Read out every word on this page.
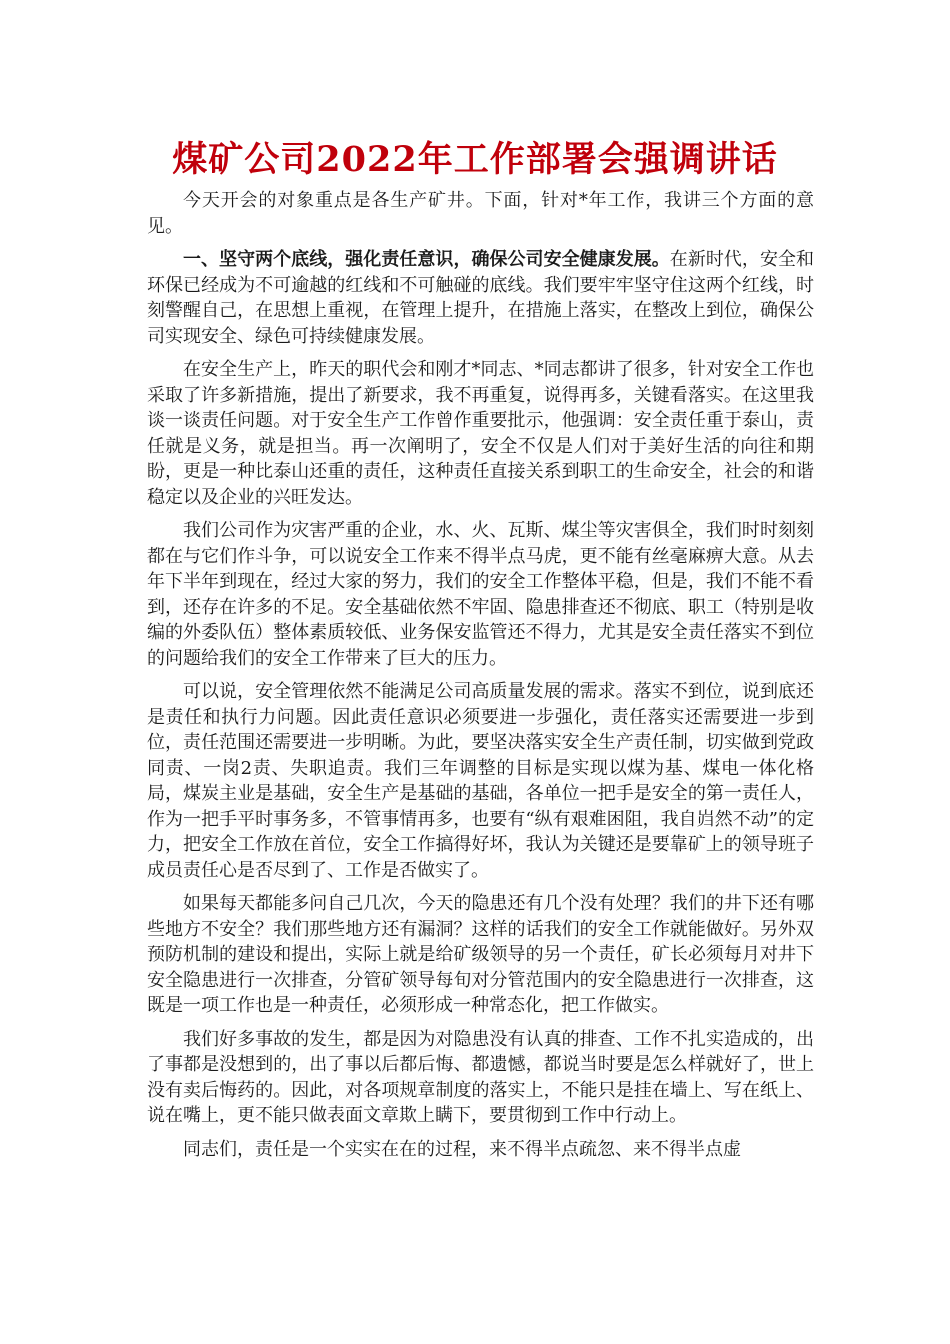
煤矿公司2022年工作部署会强调讲话

今天开会的对象重点是各生产矿井。下面，针对*年工作，我讲三个方面的意见。

一、坚守两个底线，强化责任意识，确保公司安全健康发展。在新时代，安全和环保已经成为不可逾越的红线和不可触碰的底线。我们要牢牢坚守住这两个红线，时刻警醒自己，在思想上重视，在管理上提升，在措施上落实，在整改上到位，确保公司实现安全、绿色可持续健康发展。

在安全生产上，昨天的职代会和刚才*同志、*同志都讲了很多，针对安全工作也采取了许多新措施，提出了新要求，我不再重复，说得再多，关键看落实。在这里我谈一谈责任问题。对于安全生产工作曾作重要批示，他强调：安全责任重于泰山，责任就是义务，就是担当。再一次阐明了，安全不仅是人们对于美好生活的向往和期盼，更是一种比泰山还重的责任，这种责任直接关系到职工的生命安全，社会的和谐稳定以及企业的兴旺发达。

我们公司作为灾害严重的企业，水、火、瓦斯、煤尘等灾害俱全，我们时时刻刻都在与它们作斗争，可以说安全工作来不得半点马虎，更不能有丝毫麻痹大意。从去年下半年到现在，经过大家的努力，我们的安全工作整体平稳，但是，我们不能不看到，还存在许多的不足。安全基础依然不牢固、隐患排查还不彻底、职工（特别是收编的外委队伍）整体素质较低、业务保安监管还不得力，尤其是安全责任落实不到位的问题给我们的安全工作带来了巨大的压力。

可以说，安全管理依然不能满足公司高质量发展的需求。落实不到位，说到底还是责任和执行力问题。因此责任意识必须要进一步强化，责任落实还需要进一步到位，责任范围还需要进一步明晰。为此，要坚决落实安全生产责任制，切实做到党政同责、一岗2责、失职追责。我们三年调整的目标是实现以煤为基、煤电一体化格局，煤炭主业是基础，安全生产是基础的基础，各单位一把手是安全的第一责任人，作为一把手平时事务多，不管事情再多，也要有“纵有艰难困阻，我自岿然不动”的定力，把安全工作放在首位，安全工作搞得好坏，我认为关键还是要靠矿上的领导班子成员责任心是否尽到了、工作是否做实了。

如果每天都能多问自己几次，今天的隐患还有几个没有处理？我们的井下还有哪些地方不安全？我们那些地方还有漏洞？这样的话我们的安全工作就能做好。另外双预防机制的建设和提出，实际上就是给矿级领导的另一个责任，矿长必须每月对井下安全隐患进行一次排查，分管矿领导每旬对分管范围内的安全隐患进行一次排查，这既是一项工作也是一种责任，必须形成一种常态化，把工作做实。

我们好多事故的发生，都是因为对隐患没有认真的排查、工作不扎实造成的，出了事都是没想到的，出了事以后都后悔、都遗憾，都说当时要是怎么样就好了，世上没有卖后悔药的。因此，对各项规章制度的落实上，不能只是挂在墙上、写在纸上、说在嘴上，更不能只做表面文章欺上瞒下，要贯彻到工作中行动上。

同志们，责任是一个实实在在的过程，来不得半点疏忽、来不得半点虚
